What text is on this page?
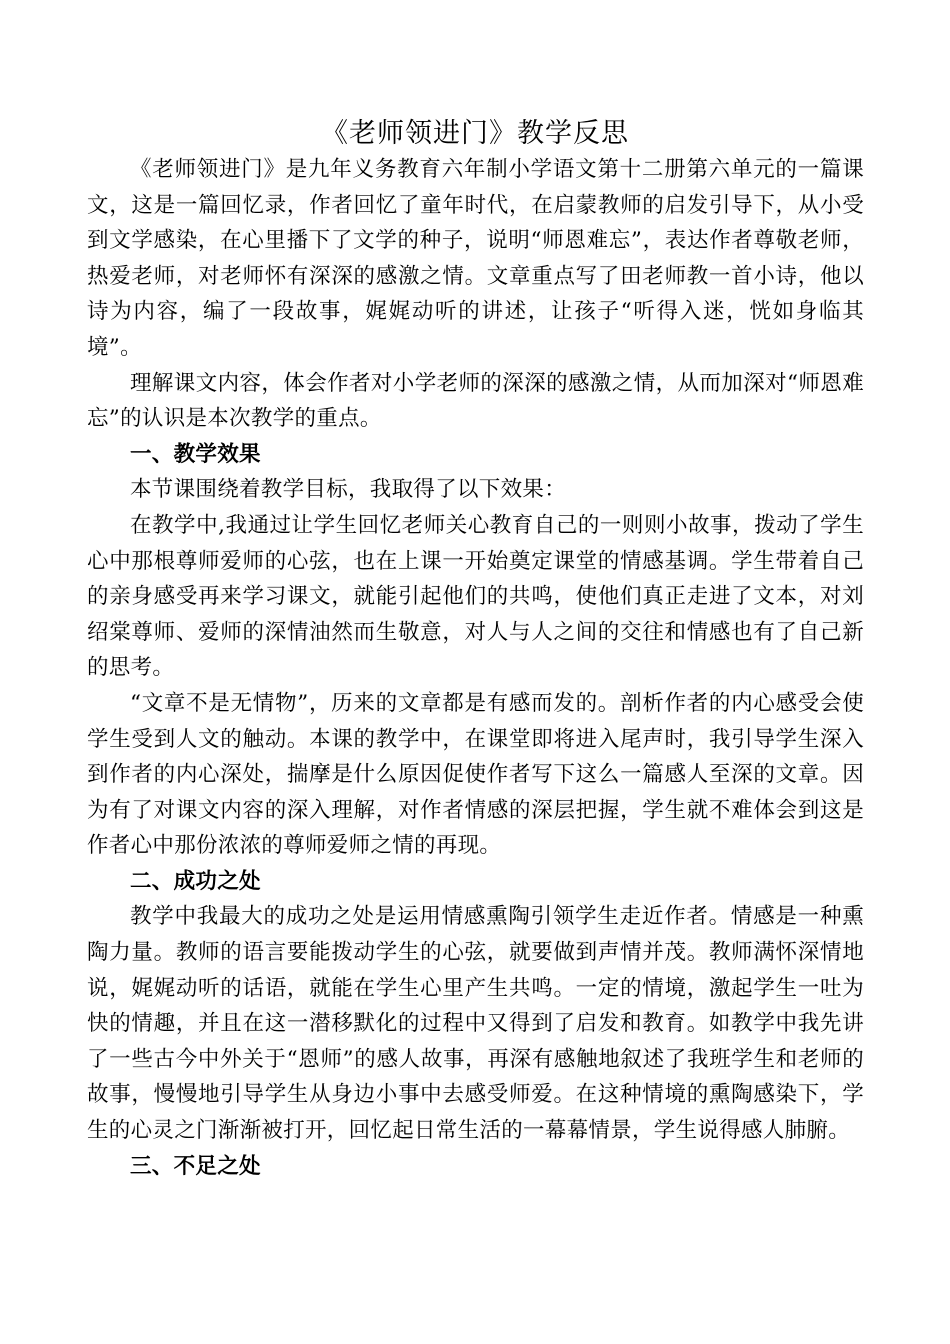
《老师领进门》教学反思

《老师领进门》是九年义务教育六年制小学语文第十二册第六单元的一篇课文，这是一篇回忆录，作者回忆了童年时代，在启蒙教师的启发引导下，从小受到文学感染，在心里播下了文学的种子，说明“师恩难忘”，表达作者尊敬老师，热爱老师，对老师怀有深深的感激之情。文章重点写了田老师教一首小诗，他以诗为内容，编了一段故事，娓娓动听的讲述，让孩子“听得入迷，恍如身临其境”。

理解课文内容，体会作者对小学老师的深深的感激之情，从而加深对“师恩难忘”的认识是本次教学的重点。

一、教学效果

本节课围绕着教学目标，我取得了以下效果：

在教学中,我通过让学生回忆老师关心教育自己的一则则小故事，拨动了学生心中那根尊师爱师的心弦，也在上课一开始奠定课堂的情感基调。学生带着自己的亲身感受再来学习课文，就能引起他们的共鸣，使他们真正走进了文本，对刘绍棠尊师、爱师的深情油然而生敬意，对人与人之间的交往和情感也有了自己新的思考。

“文章不是无情物”，历来的文章都是有感而发的。剖析作者的内心感受会使学生受到人文的触动。本课的教学中，在课堂即将进入尾声时，我引导学生深入到作者的内心深处，揣摩是什么原因促使作者写下这么一篇感人至深的文章。因为有了对课文内容的深入理解，对作者情感的深层把握，学生就不难体会到这是作者心中那份浓浓的尊师爱师之情的再现。

二、成功之处

教学中我最大的成功之处是运用情感熏陶引领学生走近作者。情感是一种熏陶力量。教师的语言要能拨动学生的心弦，就要做到声情并茂。教师满怀深情地说，娓娓动听的话语，就能在学生心里产生共鸣。一定的情境，激起学生一吐为快的情趣，并且在这一潜移默化的过程中又得到了启发和教育。如教学中我先讲了一些古今中外关于“恩师”的感人故事，再深有感触地叙述了我班学生和老师的故事，慢慢地引导学生从身边小事中去感受师爱。在这种情境的熏陶感染下，学生的心灵之门渐渐被打开，回忆起日常生活的一幕幕情景，学生说得感人肺腑。

三、不足之处
